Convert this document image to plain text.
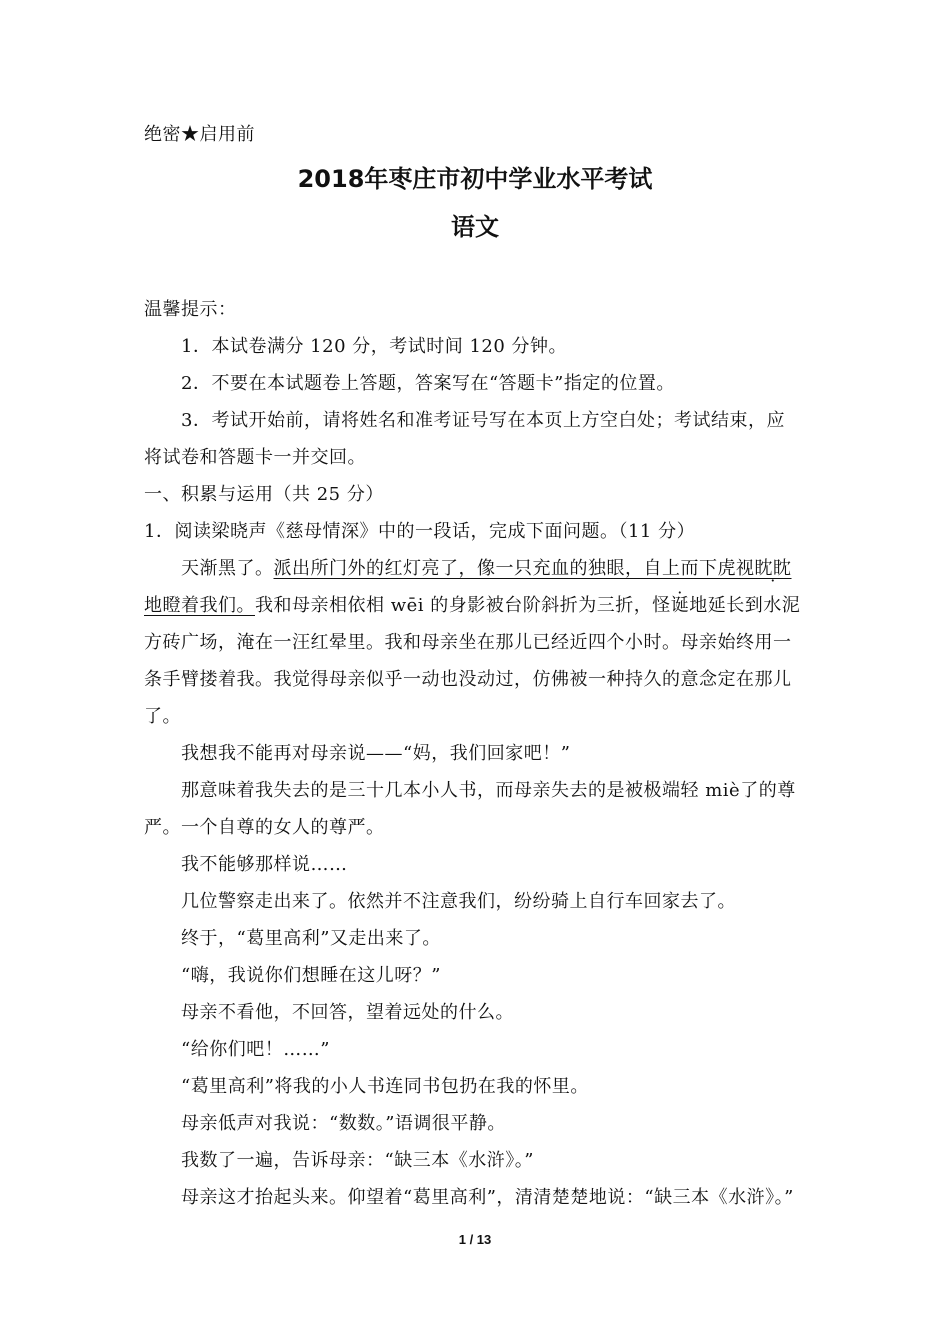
绝密★启用前
2018年枣庄市初中学业水平考试
语文
温馨提示：
1．本试卷满分 120 分，考试时间 120 分钟。
2．不要在本试题卷上答题，答案写在“答题卡”指定的位置。
3．考试开始前，请将姓名和准考证号写在本页上方空白处；考试结束，应
将试卷和答题卡一并交回。
一、积累与运用（共 25 分）
1．阅读梁晓声《慈母情深》中的一段话，完成下面问题。（11 分）
天渐黑了。派出所门外的红灯亮了，像一只充血的独眼，自上而下虎视眈眈
地瞪着我们。我和母亲相依相 wēi 的身影被台阶斜折为三折，怪诞地延长到水泥
方砖广场，淹在一汪红晕里。我和母亲坐在那儿已经近四个小时。母亲始终用一
条手臂搂着我。我觉得母亲似乎一动也没动过，仿佛被一种持久的意念定在那儿
了。
我想我不能再对母亲说——“妈，我们回家吧！”
那意味着我失去的是三十几本小人书，而母亲失去的是被极端轻 miè了的尊
严。一个自尊的女人的尊严。
我不能够那样说……
几位警察走出来了。依然并不注意我们，纷纷骑上自行车回家去了。
终于，“葛里高利”又走出来了。
“嗨，我说你们想睡在这儿呀？”
母亲不看他，不回答，望着远处的什么。
“给你们吧！……”
“葛里高利”将我的小人书连同书包扔在我的怀里。
母亲低声对我说：“数数。”语调很平静。
我数了一遍，告诉母亲：“缺三本《水浒》。”
母亲这才抬起头来。仰望着“葛里高利”，清清楚楚地说：“缺三本《水浒》。”
1 / 13
